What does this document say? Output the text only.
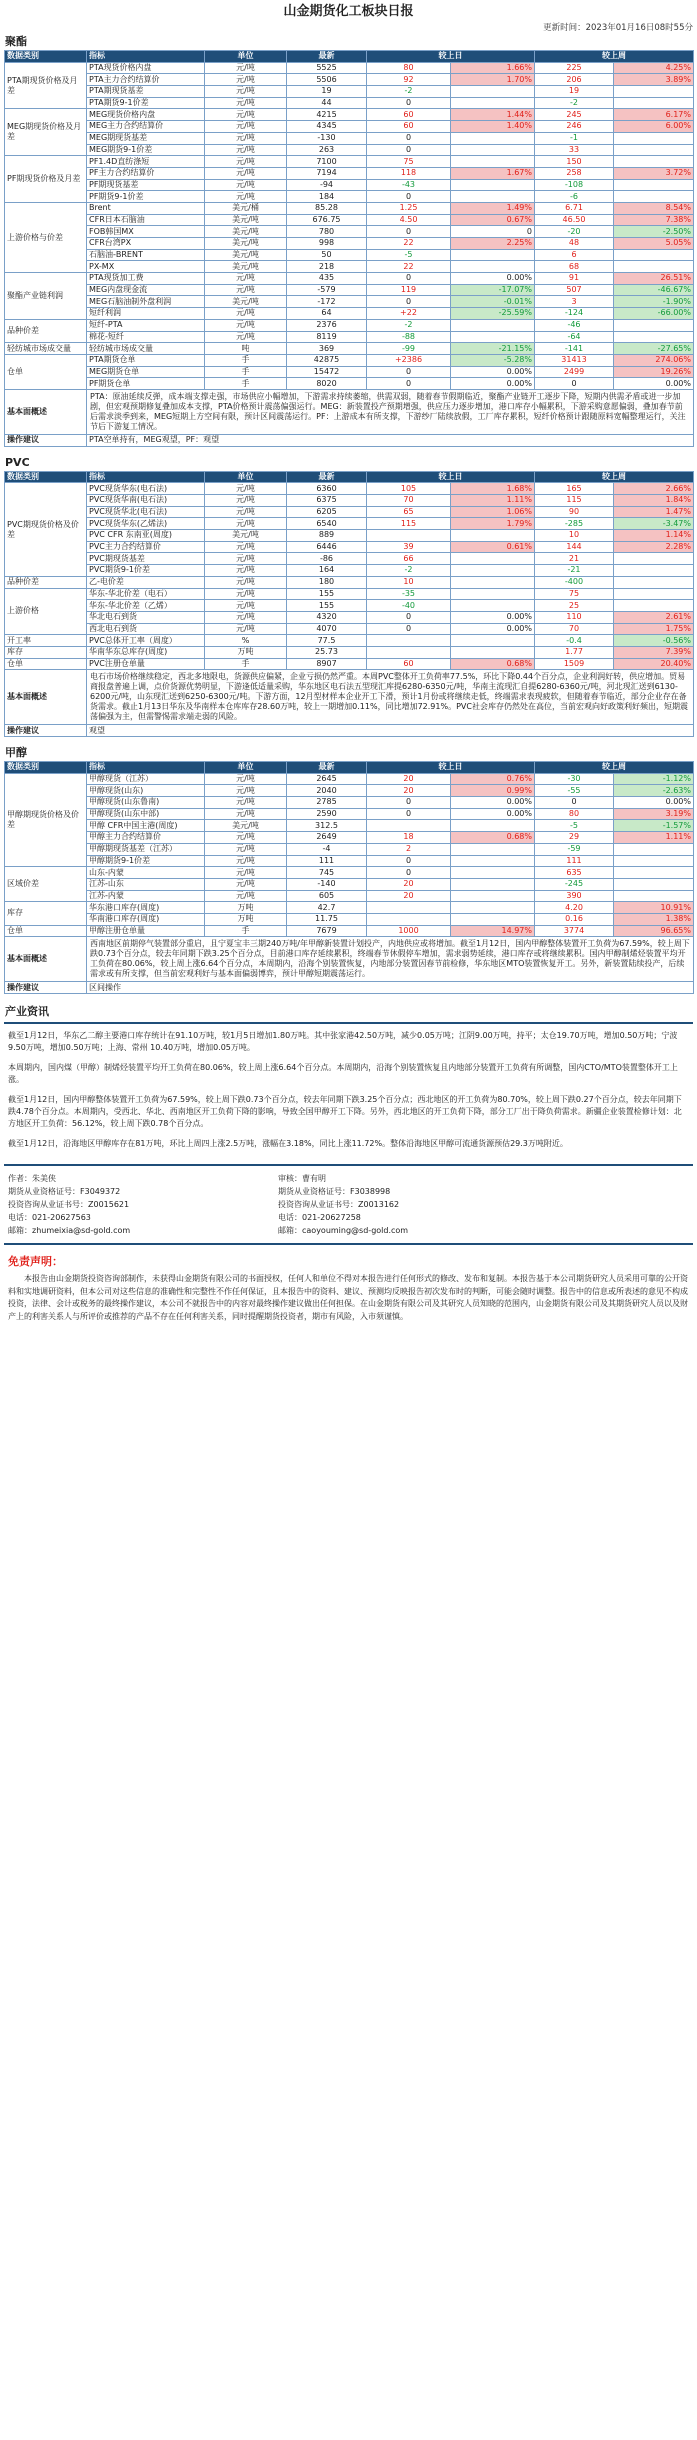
山金期货化工板块日报
更新时间：2023年01月16日08时55分
聚酯
数据类别	指标	单位	最新	较上日		较上周	
PTA期现货价格及月差	PTA现货价格内盘	元/吨	5525	80	1.66%	225	4.25%
	PTA主力合约结算价	元/吨	5506	92	1.70%	206	3.89%
	PTA期现货基差	元/吨	19	-2		19	
	PTA期货9-1价差	元/吨	44	0		-2	
MEG期现货价格及月差	MEG现货价格内盘	元/吨	4215	60	1.44%	245	6.17%
	MEG主力合约结算价	元/吨	4345	60	1.40%	246	6.00%
	MEG期现货基差	元/吨	-130	0		-1	
	MEG期货9-1价差	元/吨	263	0		33	
PF期现货价格及月差	PF1.4D直纺涤短	元/吨	7100	75		150	
	PF主力合约结算价	元/吨	7194	118	1.67%	258	3.72%
	PF期现货基差	元/吨	-94	-43		-108	
	PF期货9-1价差	元/吨	184	0		-6	
上游价格与价差	Brent	美元/桶	85.28	1.25	1.49%	6.71	8.54%
	CFR日本石脑油	美元/吨	676.75	4.50	0.67%	46.50	7.38%
	FOB韩国MX	美元/吨	780	0	0	-20	-2.50%
	CFR台湾PX	美元/吨	998	22	2.25%	48	5.05%
	石脑油-BRENT	美元/吨	50	-5		6	
	PX-MX	美元/吨	218	22		68	
聚酯产业链利润	PTA现货加工费	元/吨	435	0	0.00%	91	26.51%
	MEG内盘现金流	元/吨	-579	119	-17.07%	507	-46.67%
	MEG石脑油制外盘利润	美元/吨	-172	0	-0.01%	3	-1.90%
	短纤利润	元/吨	64	+22	-25.59%	-124	-66.00%
品种价差	短纤-PTA	元/吨	2376	-2		-46	
	棉花-短纤	元/吨	8119	-88		-64	
轻纺城市场成交量	轻纺城市场成交量	吨	369	-99	-21.15%	-141	-27.65%
仓单	PTA期货仓单	手	42875	+2386	-5.28%	31413	274.06%
	MEG期货仓单	手	15472	0	0.00%	2499	19.26%
	PF期货仓单	手	8020	0	0.00%	0	0.00%
基本面概述	PTA：原油延续反弹，成本端支撑走强，市场供应小幅增加，下游需求持续萎缩，供需双弱，随着春节假期临近，聚酯产业链开工逐步下降，短期内供需矛盾或进一步加剧，但宏观预期修复叠加成本支撑，PTA价格预计震荡偏强运行。MEG：新装置投产预期增强，供应压力逐步增加，港口库存小幅累积，下游采购意愿偏弱，叠加春节前后需求淡季到来，MEG短期上方空间有限，预计区间震荡运行。PF：上游成本有所支撑，下游纱厂陆续放假，工厂库存累积，短纤价格预计跟随原料宽幅整理运行，关注节后下游复工情况。						
操作建议	PTA空单持有，MEG观望，PF：观望						
PVC
数据类别	指标	单位	最新	较上日		较上周	
PVC期现货价格及价差	PVC现货华东(电石法)	元/吨	6360	105	1.68%	165	2.66%
	PVC现货华南(电石法)	元/吨	6375	70	1.11%	115	1.84%
	PVC现货华北(电石法)	元/吨	6205	65	1.06%	90	1.47%
	PVC现货华东(乙烯法)	元/吨	6540	115	1.79%	-285	-3.47%
	PVC CFR 东南亚(周度)	美元/吨	889			10	1.14%
	PVC主力合约结算价	元/吨	6446	39	0.61%	144	2.28%
	PVC期现货基差	元/吨	-86	66		21	
	PVC期货9-1价差	元/吨	164	-2		-21	
品种价差	乙-电价差	元/吨	180	10		-400	
上游价格	华东-华北价差（电石）	元/吨	155	-35		75	
	华东-华北价差（乙烯）	元/吨	155	-40		25	
	华北电石到货	元/吨	4320	0	0.00%	110	2.61%
	西北电石到货	元/吨	4070	0	0.00%	70	1.75%
开工率	PVC总体开工率（周度）	%	77.5			-0.4	-0.56%
库存	华南华东总库存(周度)	万吨	25.73			1.77	7.39%
仓单	PVC注册仓单量	手	8907	60	0.68%	1509	20.40%
基本面概述	电石市场价格继续稳定，西北多地限电，货源供应偏紧，企业亏损仍然严重。本周PVC整体开工负荷率77.5%，环比下降0.44个百分点，企业利润好转，供应增加。贸易商报盘普遍上调，点价货源优势明显，下游逢低适量采购，华东地区电石法五型现汇库提6280-6350元/吨，华南主流现汇自提6280-6360元/吨，河北现汇送到6130-6200元/吨，山东现汇送到6250-6300元/吨。下游方面，12月型材样本企业开工下滑，预计1月份或将继续走低，终端需求表现疲软，但随着春节临近，部分企业存在备货需求。截止1月13日华东及华南样本仓库库存28.60万吨，较上一期增加0.11%，同比增加72.91%。PVC社会库存仍然处在高位，当前宏观向好政策利好频出，短期震荡偏强为主，但需警惕需求端走弱的风险。						
操作建议	观望						
甲醇
数据类别	指标	单位	最新	较上日		较上周	
甲醇期现货价格及价差	甲醇现货（江苏）	元/吨	2645	20	0.76%	-30	-1.12%
	甲醇现货(山东)	元/吨	2040	20	0.99%	-55	-2.63%
	甲醇现货(山东鲁南)	元/吨	2785	0	0.00%	0	0.00%
	甲醇现货(山东中部)	元/吨	2590	0	0.00%	80	3.19%
	甲醇 CFR中国主港(周度)	美元/吨	312.5			-5	-1.57%
	甲醇主力合约结算价	元/吨	2649	18	0.68%	29	1.11%
	甲醇期现货基差（江苏）	元/吨	-4	2		-59	
	甲醇期货9-1价差	元/吨	111	0		111	
区域价差	山东-内蒙	元/吨	745	0		635	
	江苏-山东	元/吨	-140	20		-245	
	江苏-内蒙	元/吨	605	20		390	
库存	华东港口库存(周度)	万吨	42.7			4.20	10.91%
	华南港口库存(周度)	万吨	11.75			0.16	1.38%
仓单	甲醇注册仓单量	手	7679	1000	14.97%	3774	96.65%
基本面概述	西南地区前期停气装置部分重启，且宁夏宝丰三期240万吨/年甲醇新装置计划投产，内地供应或将增加。截至1月12日，国内甲醇整体装置开工负荷为67.59%，较上周下跌0.73个百分点，较去年同期下跌3.25个百分点，目前港口库存延续累积，终端春节休假停车增加，需求弱势延续，港口库存或将继续累积。国内甲醇制烯烃装置平均开工负荷在80.06%，较上周上涨6.64个百分点，本周期内，沿海个别装置恢复，内地部分装置因春节前检修，华东地区MTO装置恢复开工。另外，新装置陆续投产，后续需求或有所支撑，但当前宏观利好与基本面偏弱博弈，预计甲醇短期震荡运行。						
操作建议	区间操作						
产业资讯

截至1月12日，华东乙二醇主要港口库存统计在91.10万吨，较1月5日增加1.80万吨。其中张家港42.50万吨，减少0.05万吨；江阴9.00万吨，持平；太仓19.70万吨，增加0.50万吨；宁波9.50万吨，增加0.50万吨；上海、常州 10.40万吨，增加0.05万吨。

本周期内，国内煤（甲醇）制烯烃装置平均开工负荷在80.06%，较上周上涨6.64个百分点。本周期内，沿海个别装置恢复且内地部分装置开工负荷有所调整，国内CTO/MTO装置整体开工上涨。

截至1月12日，国内甲醇整体装置开工负荷为67.59%，较上周下跌0.73个百分点，较去年同期下跌3.25个百分点；西北地区的开工负荷为80.70%，较上周下跌0.27个百分点，较去年同期下跌4.78个百分点。本周期内，受西北、华北、西南地区开工负荷下降的影响，导致全国甲醇开工下降。另外，西北地区的开工负荷下降，部分工厂出于降负荷需求。新疆企业装置检修计划：北方地区开工负荷：56.12%，较上周下跌0.78个百分点。

截至1月12日，沿海地区甲醇库存在81万吨，环比上周四上涨2.5万吨，涨幅在3.18%，同比上涨11.72%。整体沿海地区甲醇可流通货源预估29.3万吨附近。

作者：朱美侠	审核：曹有明
期货从业资格证号：F3049372	期货从业资格证号：F3038998
投资咨询从业证书号：Z0015621	投资咨询从业证书号：Z0013162
电话：021-20627563	电话：021-20627258
邮箱：zhumeixia@sd-gold.com	邮箱：caoyouming@sd-gold.com
免责声明：
本报告由山金期货投资咨询部制作，未获得山金期货有限公司的书面授权，任何人和单位不得对本报告进行任何形式的修改、发布和复制。本报告基于本公司期货研究人员采用可靠的公开资料和实地调研资料，但本公司对这些信息的准确性和完整性不作任何保证，且本报告中的资料、建议、预测均反映报告初次发布时的判断，可能会随时调整。报告中的信息或所表述的意见不构成投资，法律、会计或税务的最终操作建议，本公司不就报告中的内容对最终操作建议做出任何担保。在山金期货有限公司及其研究人员知晓的范围内，山金期货有限公司及其期货研究人员以及财产上的利害关系人与所评价或推荐的产品不存在任何利害关系，同时提醒期货投资者，期市有风险，入市须谨慎。
